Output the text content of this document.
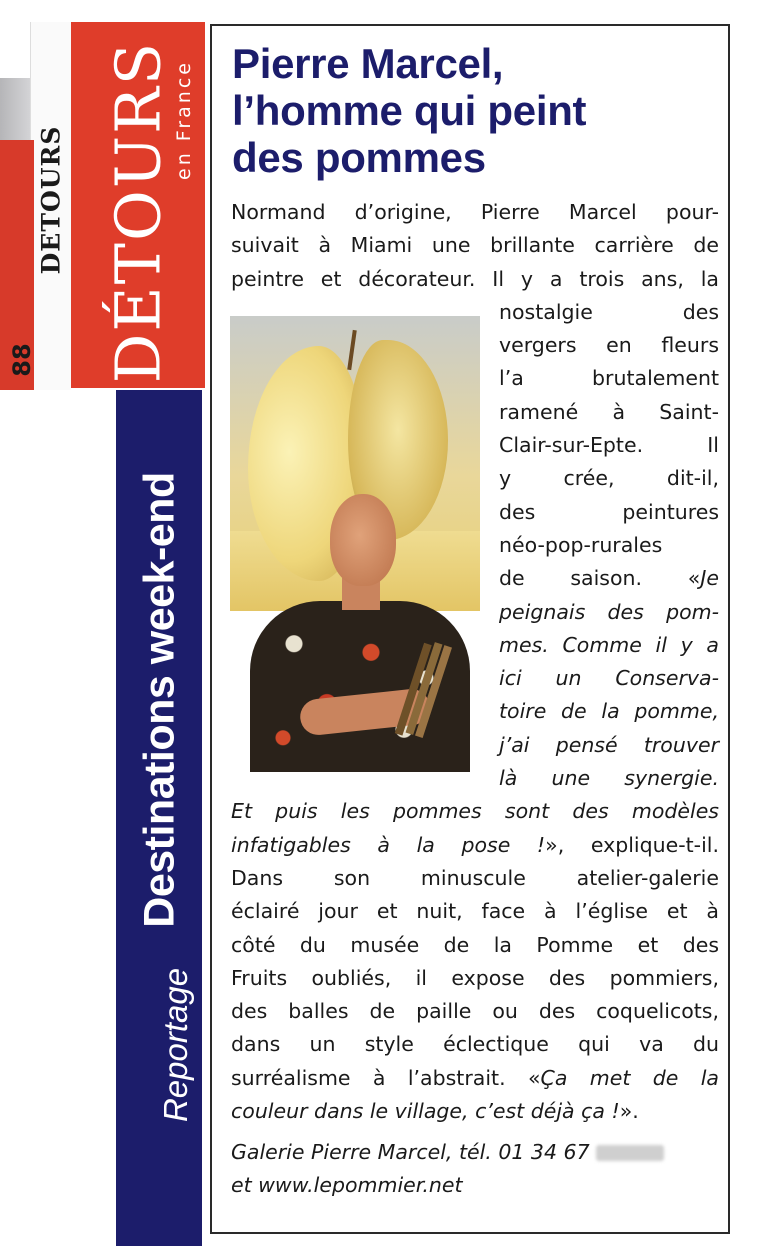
DETOURS
88 DÉTOURS
en France
Destinations week-end
Reportage
Pierre Marcel,
l’homme qui peint
des pommes
Normand d’origine, Pierre Marcel pour-
suivait à Miami une brillante carrière de
peintre et décorateur. Il y a trois ans, la
nostalgie des
vergers en fleurs
l’a brutalement
ramené à Saint-
Clair-sur-Epte. Il
y crée, dit-il,
des peintures
néo-pop-rurales
de saison. «Je
peignais des pom-
mes. Comme il y a
ici un Conserva-
toire de la pomme,
j’ai pensé trouver
là une synergie.
Et puis les pommes sont des modèles
infatigables à la pose !», explique-t-il.
Dans son minuscule atelier-galerie
éclairé jour et nuit, face à l’église et à
côté du musée de la Pomme et des
Fruits oubliés, il expose des pommiers,
des balles de paille ou des coquelicots,
dans un style éclectique qui va du
surréalisme à l’abstrait. «Ça met de la
couleur dans le village, c’est déjà ça !».
Galerie Pierre Marcel, tél. 01 34 67
et www.lepommier.net
